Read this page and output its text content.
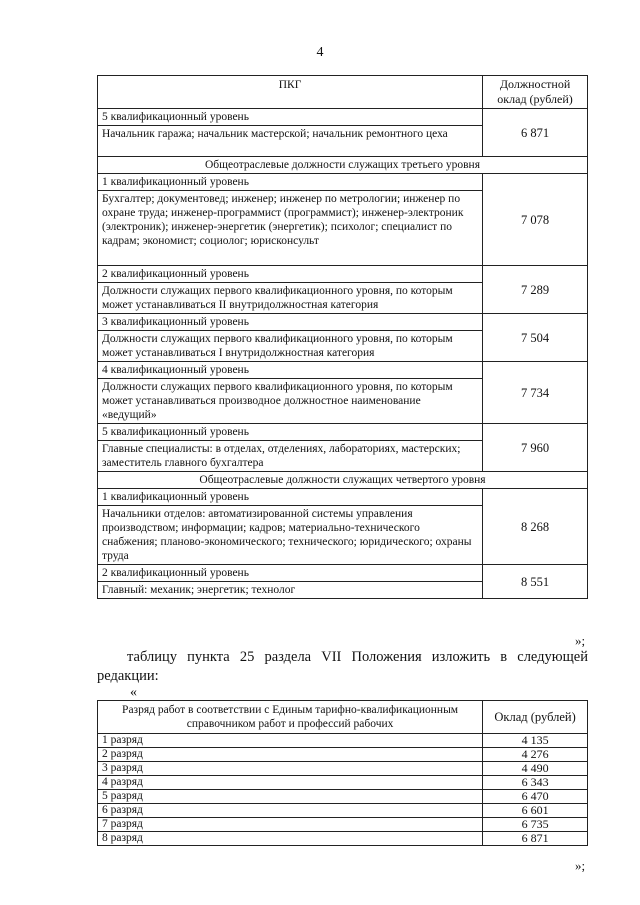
4
ПКГ	Должностной оклад (рублей)
5 квалификационный уровень	6 871
Начальник гаража; начальник мастерской; начальник ремонтного цеха	
Общеотраслевые должности служащих третьего уровня	
1 квалификационный уровень	7 078
Бухгалтер; документовед; инженер; инженер по метрологии; инженер по охране труда; инженер-программист (программист); инженер-электроник (электроник); инженер-энергетик (энергетик); психолог; специалист по кадрам; экономист; социолог; юрисконсульт	
2 квалификационный уровень	7 289
Должности служащих первого квалификационного уровня, по которым может устанавливаться II внутридолжностная категория	
3 квалификационный уровень	7 504
Должности служащих первого квалификационного уровня, по которым может устанавливаться I внутридолжностная категория	
4 квалификационный уровень	7 734
Должности служащих первого квалификационного уровня, по которым может устанавливаться производное должностное наименование «ведущий»	
5 квалификационный уровень	7 960
Главные специалисты: в отделах, отделениях, лабораториях, мастерских; заместитель главного бухгалтера	
Общеотраслевые должности служащих четвертого уровня	
1 квалификационный уровень	8 268
Начальники отделов: автоматизированной системы управления производством; информации; кадров; материально-технического снабжения; планово-экономического; технического; юридического; охраны труда	
2 квалификационный уровень	8 551
Главный: механик; энергетик; технолог	
»;
таблицу пункта 25 раздела VII Положения изложить в следующей редакции:
«
Разряд работ в соответствии с Единым тарифно-квалификационным справочником работ и профессий рабочих	Оклад (рублей)
1 разряд	4 135
2 разряд	4 276
3 разряд	4 490
4 разряд	6 343
5 разряд	6 470
6 разряд	6 601
7 разряд	6 735
8 разряд	6 871
»;
